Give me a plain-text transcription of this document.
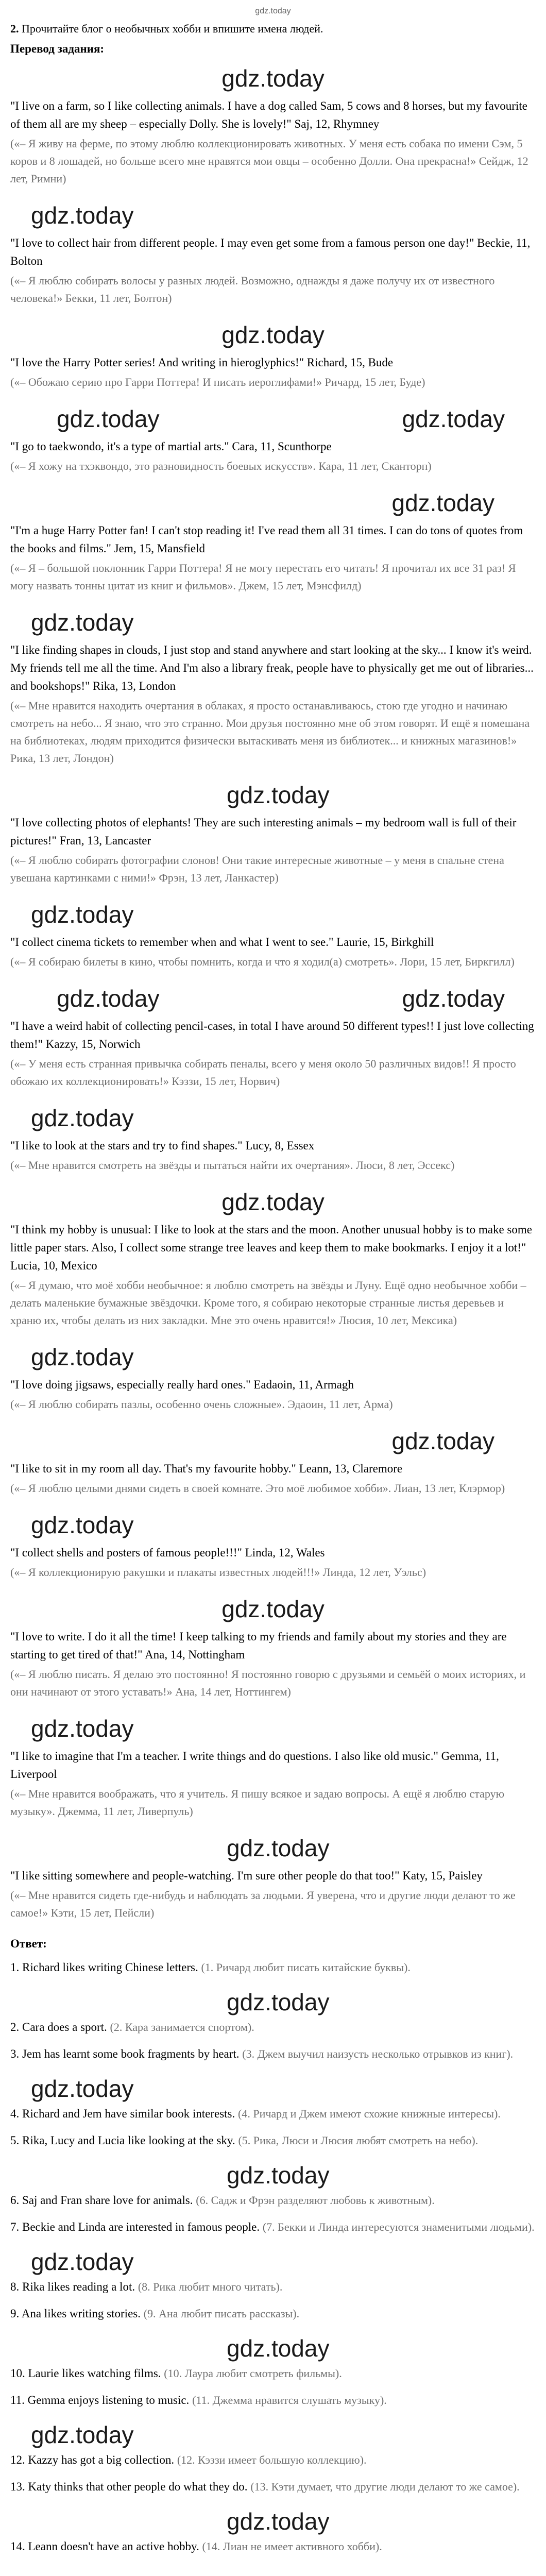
gdz.today
2. Прочитайте блог о необычных хобби и впишите имена людей.
Перевод задания:
gdz.today
"I live on a farm, so I like collecting animals. I have a dog called Sam, 5 cows and 8 horses, but my favourite of them all are my sheep – especially Dolly. She is lovely!" Saj, 12, Rhymney
(«– Я живу на ферме, по этому люблю коллекционировать животных. У меня есть собака по имени Сэм, 5 коров и 8 лошадей, но больше всего мне нравятся мои овцы – особенно Долли. Она прекрасна!» Сейдж, 12 лет, Римни)
gdz.today
"I love to collect hair from different people. I may even get some from a famous person one day!" Beckie, 11, Bolton
(«– Я люблю собирать волосы у разных людей. Возможно, однажды я даже получу их от известного человека!» Бекки, 11 лет, Болтон)
gdz.today
"I love the Harry Potter series! And writing in hieroglyphics!" Richard, 15, Bude
(«– Обожаю серию про Гарри Поттера! И писать иероглифами!» Ричард, 15 лет, Буде)
gdz.today	gdz.today
"I go to taekwondo, it's a type of martial arts." Cara, 11, Scunthorpe
(«– Я хожу на тхэквондо, это разновидность боевых искусств». Кара, 11 лет, Сканторп)
gdz.today
"I'm a huge Harry Potter fan! I can't stop reading it! I've read them all 31 times. I can do tons of quotes from the books and films." Jem, 15, Mansfield
(«– Я – большой поклонник Гарри Поттера! Я не могу перестать его читать! Я прочитал их все 31 раз! Я могу назвать тонны цитат из книг и фильмов». Джем, 15 лет, Мэнсфилд)
gdz.today
"I like finding shapes in clouds, I just stop and stand anywhere and start looking at the sky... I know it's weird. My friends tell me all the time. And I'm also a library freak, people have to physically get me out of libraries... and bookshops!" Rika, 13, London
(«– Мне нравится находить очертания в облаках, я просто останавливаюсь, стою где угодно и начинаю смотреть на небо... Я знаю, что это странно. Мои друзья постоянно мне об этом говорят. И ещё я помешана на библиотеках, людям приходится физически вытаскивать меня из библиотек... и книжных магазинов!» Рика, 13 лет, Лондон)
gdz.today
"I love collecting photos of elephants! They are such interesting animals – my bedroom wall is full of their pictures!" Fran, 13, Lancaster
(«– Я люблю собирать фотографии слонов! Они такие интересные животные – у меня в спальне стена увешана картинками с ними!» Фрэн, 13 лет, Ланкастер)
gdz.today
"I collect cinema tickets to remember when and what I went to see." Laurie, 15, Birkghill
(«– Я собираю билеты в кино, чтобы помнить, когда и что я ходил(а) смотреть». Лори, 15 лет, Биркгилл)
gdz.today	gdz.today
"I have a weird habit of collecting pencil-cases, in total I have around 50 different types!! I just love collecting them!" Kazzy, 15, Norwich
(«– У меня есть странная привычка собирать пеналы, всего у меня около 50 различных видов!! Я просто обожаю их коллекционировать!» Кэззи, 15 лет, Норвич)
gdz.today
"I like to look at the stars and try to find shapes." Lucy, 8, Essex
(«– Мне нравится смотреть на звёзды и пытаться найти их очертания». Люси, 8 лет, Эссекс)
gdz.today
"I think my hobby is unusual: I like to look at the stars and the moon. Another unusual hobby is to make some little paper stars. Also, I collect some strange tree leaves and keep them to make bookmarks. I enjoy it a lot!" Lucia, 10, Mexico
(«– Я думаю, что моё хобби необычное: я люблю смотреть на звёзды и Луну. Ещё одно необычное хобби – делать маленькие бумажные звёздочки. Кроме того, я собираю некоторые странные листья деревьев и храню их, чтобы делать из них закладки. Мне это очень нравится!» Люсия, 10 лет, Мексика)
gdz.today
"I love doing jigsaws, especially really hard ones." Eadaoin, 11, Armagh
(«– Я люблю собирать пазлы, особенно очень сложные». Эдаоин, 11 лет, Арма)
gdz.today
"I like to sit in my room all day. That's my favourite hobby." Leann, 13, Claremore
(«– Я люблю целыми днями сидеть в своей комнате. Это моё любимое хобби». Лиан, 13 лет, Клэрмор)
gdz.today
"I collect shells and posters of famous people!!!" Linda, 12, Wales
(«– Я коллекционирую ракушки и плакаты известных людей!!!» Линда, 12 лет, Уэльс)
gdz.today
"I love to write. I do it all the time! I keep talking to my friends and family about my stories and they are starting to get tired of that!" Ana, 14, Nottingham
(«– Я люблю писать. Я делаю это постоянно! Я постоянно говорю с друзьями и семьёй о моих историях, и они начинают от этого уставать!» Ана, 14 лет, Ноттингем)
gdz.today
"I like to imagine that I'm a teacher. I write things and do questions. I also like old music." Gemma, 11, Liverpool
(«– Мне нравится воображать, что я учитель. Я пишу всякое и задаю вопросы. А ещё я люблю старую музыку». Джемма, 11 лет, Ливерпуль)
gdz.today
"I like sitting somewhere and people-watching. I'm sure other people do that too!" Katy, 15, Paisley
(«– Мне нравится сидеть где-нибудь и наблюдать за людьми. Я уверена, что и другие люди делают то же самое!» Кэти, 15 лет, Пейсли)
Ответ:
1. Richard likes writing Chinese letters. (1. Ричард любит писать китайские буквы).
gdz.today
2. Cara does a sport. (2. Кара занимается спортом).
3. Jem has learnt some book fragments by heart. (3. Джем выучил наизусть несколько отрывков из книг).
gdz.today
4. Richard and Jem have similar book interests. (4. Ричард и Джем имеют схожие книжные интересы).
5. Rika, Lucy and Lucia like looking at the sky. (5. Рика, Люси и Люсия любят смотреть на небо).
gdz.today
6. Saj and Fran share love for animals. (6. Садж и Фрэн разделяют любовь к животным).
7. Beckie and Linda are interested in famous people. (7. Бекки и Линда интересуются знаменитыми людьми).
gdz.today
8. Rika likes reading a lot. (8. Рика любит много читать).
9. Ana likes writing stories. (9. Ана любит писать рассказы).
gdz.today
10. Laurie likes watching films. (10. Лаура любит смотреть фильмы).
11. Gemma enjoys listening to music. (11. Джемма нравится слушать музыку).
gdz.today
12. Kazzy has got a big collection. (12. Кэззи имеет большую коллекцию).
13. Katy thinks that other people do what they do. (13. Кэти думает, что другие люди делают то же самое).
gdz.today
14. Leann doesn't have an active hobby. (14. Лиан не имеет активного хобби).
